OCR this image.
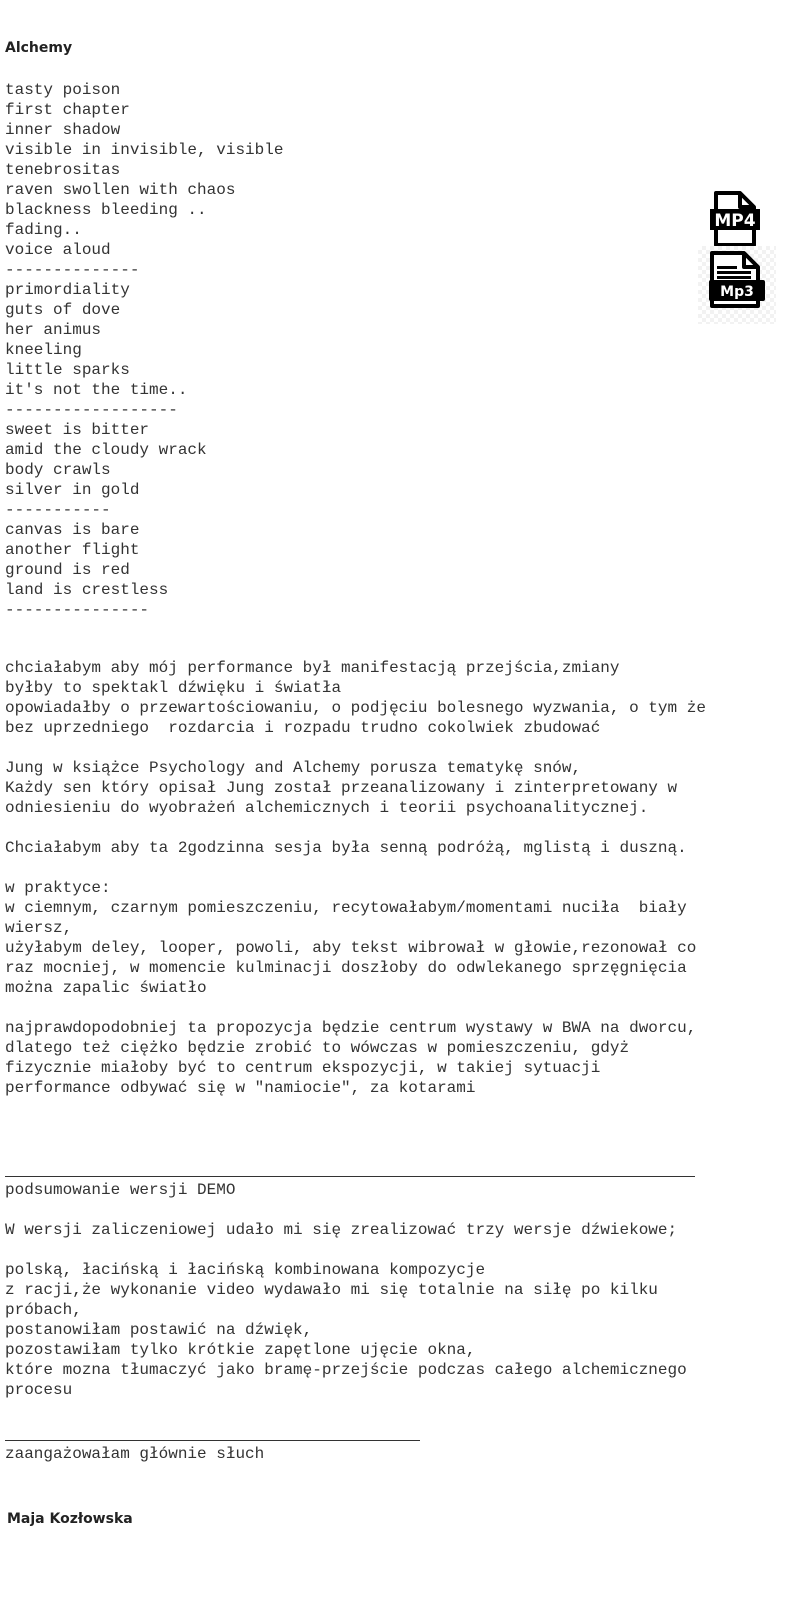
Alchemy
tasty poison
first chapter
inner shadow
visible in invisible, visible
tenebrositas
raven swollen with chaos
blackness bleeding ..
fading..
voice aloud
--------------
primordiality
guts of dove
her animus
kneeling
little sparks
it's not the time..
------------------
sweet is bitter
amid the cloudy wrack
body crawls
silver in gold
-----------
canvas is bare
another flight
ground is red
land is crestless
---------------
MP4
Mp3
chciałabym aby mój performance był manifestacją przejścia,zmiany
byłby to spektakl dźwięku i światła
opowiadałby o przewartościowaniu, o podjęciu bolesnego wyzwania, o tym że
bez uprzedniego  rozdarcia i rozpadu trudno cokolwiek zbudować

Jung w książce Psychology and Alchemy porusza tematykę snów,
Każdy sen który opisał Jung został przeanalizowany i zinterpretowany w
odniesieniu do wyobrażeń alchemicznych i teorii psychoanalitycznej.

Chciałabym aby ta 2godzinna sesja była senną podróżą, mglistą i duszną.

w praktyce:
w ciemnym, czarnym pomieszczeniu, recytowałabym/momentami nuciła  biały
wiersz,
użyłabym deley, looper, powoli, aby tekst wibrował w głowie,rezonował co
raz mocniej, w momencie kulminacji doszłoby do odwlekanego sprzęgnięcia
można zapalic światło

najprawdopodobniej ta propozycja będzie centrum wystawy w BWA na dworcu,
dlatego też ciężko będzie zrobić to wówczas w pomieszczeniu, gdyż
fizycznie miałoby być to centrum ekspozycji, w takiej sytuacji
performance odbywać się w "namiocie", za kotarami
podsumowanie wersji DEMO

W wersji zaliczeniowej udało mi się zrealizować trzy wersje dźwiekowe;

polską, łacińską i łacińską kombinowana kompozycje
z racji,że wykonanie video wydawało mi się totalnie na siłę po kilku
próbach,
postanowiłam postawić na dźwięk,
pozostawiłam tylko krótkie zapętlone ujęcie okna,
które mozna tłumaczyć jako bramę-przejście podczas całego alchemicznego
procesu
zaangażowałam głównie słuch

Maja Kozłowska
